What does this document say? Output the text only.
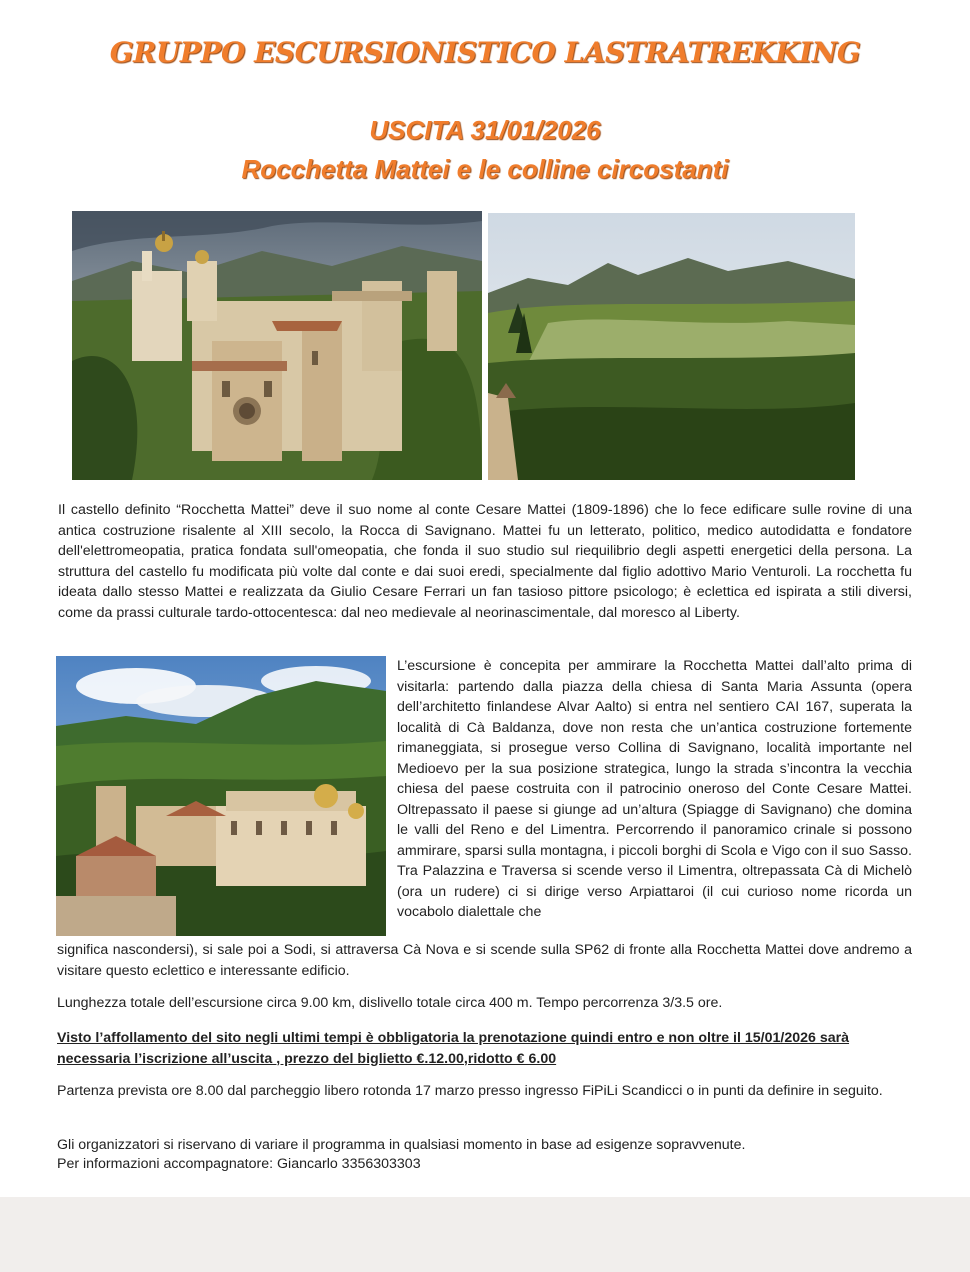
GRUPPO ESCURSIONISTICO LASTRATREKKING
USCITA 31/01/2026
Rocchetta Mattei e le colline circostanti

Il castello definito “Rocchetta Mattei” deve il suo nome al conte Cesare Mattei (1809-1896) che lo fece edificare sulle rovine di una antica costruzione risalente al XIII secolo, la Rocca di Savignano. Mattei fu un letterato, politico, medico autodidatta e fondatore dell'elettromeopatia, pratica fondata sull'omeopatia, che fonda il suo studio sul riequilibrio degli aspetti energetici della persona. La struttura del castello fu modificata più volte dal conte e dai suoi eredi, specialmente dal figlio adottivo Mario Venturoli. La rocchetta fu ideata dallo stesso Mattei e realizzata da Giulio Cesare Ferrari un fan tasioso pittore psicologo; è eclettica ed ispirata a stili diversi, come da prassi culturale tardo-ottocentesca: dal neo medievale al neorinascimentale, dal moresco al Liberty.

L’escursione è concepita per ammirare la Rocchetta Mattei dall’alto prima di visitarla: partendo dalla piazza della chiesa di Santa Maria Assunta (opera dell’architetto finlandese Alvar Aalto) si entra nel sentiero CAI 167, superata la località di Cà Baldanza, dove non resta che un’antica costruzione fortemente rimaneggiata, si prosegue verso Collina di Savignano, località importante nel Medioevo per la sua posizione strategica, lungo la strada s’incontra la vecchia chiesa del paese costruita con il patrocinio oneroso del Conte Cesare Mattei. Oltrepassato il paese si giunge ad un’altura (Spiagge di Savignano) che domina le valli del Reno e del Limentra. Percorrendo il panoramico crinale si possono ammirare, sparsi sulla montagna, i piccoli borghi di Scola e Vigo con il suo Sasso. Tra Palazzina e Traversa si scende verso il Limentra, oltrepassata Cà di Michelò (ora un rudere) ci si dirige verso Arpiattaroi (il cui curioso nome ricorda un vocabolo dialettale che

significa nascondersi), si sale poi a Sodi, si attraversa Cà Nova e si scende sulla SP62 di fronte alla Rocchetta Mattei dove andremo a visitare questo eclettico e interessante edificio.

Lunghezza totale dell’escursione circa 9.00 km, dislivello totale circa 400 m. Tempo percorrenza 3/3.5 ore.

Visto l’affollamento del sito negli ultimi tempi è obbligatoria la prenotazione quindi entro e non oltre il 15/01/2026 sarà necessaria l’iscrizione all’uscita , prezzo del biglietto €.12.00,ridotto € 6.00

Partenza prevista ore 8.00 dal parcheggio libero rotonda 17 marzo presso ingresso FiPiLi Scandicci o in punti da definire in seguito.

Gli organizzatori si riservano di variare il programma in qualsiasi momento in base ad esigenze sopravvenute.
Per informazioni accompagnatore: Giancarlo 3356303303
